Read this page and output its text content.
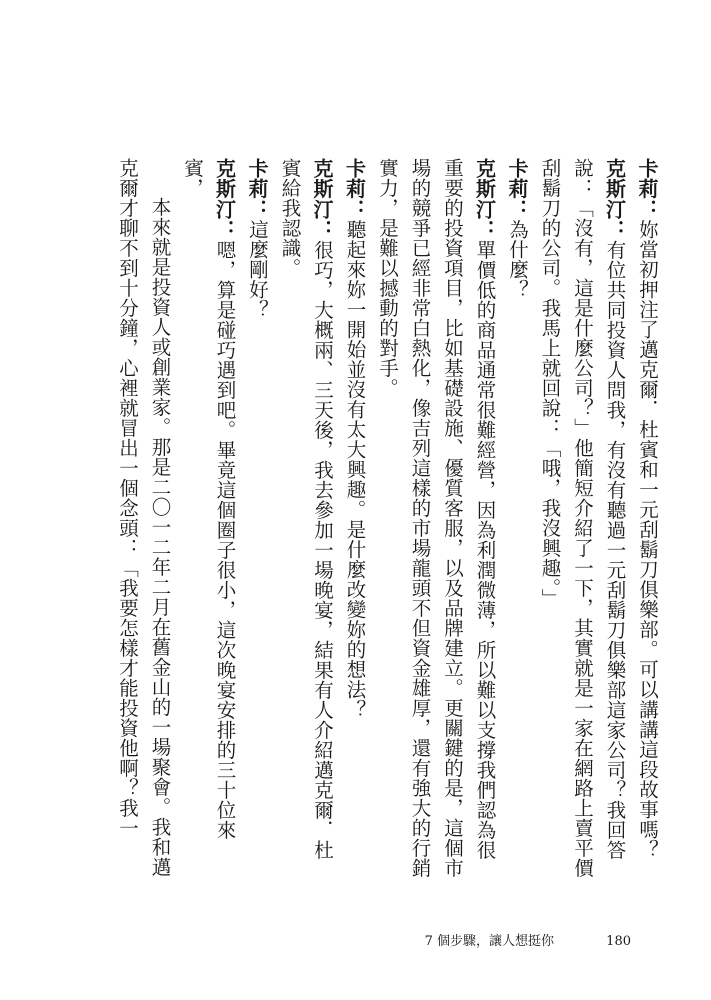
卡莉：妳當初押注了邁克爾．杜賓和一元刮鬍刀俱樂部。可以講講這段故事嗎？

克斯汀：有位共同投資人問我，有沒有聽過一元刮鬍刀俱樂部這家公司？我回答說：「沒有，這是什麼公司？」他簡短介紹了一下，其實就是一家在網路上賣平價刮鬍刀的公司。我馬上就回說：「哦，我沒興趣。」

卡莉：為什麼？

克斯汀：單價低的商品通常很難經營，因為利潤微薄，所以難以支撐我們認為很重要的投資項目，比如基礎設施、優質客服，以及品牌建立。更關鍵的是，這個市場的競爭已經非常白熱化，像吉列這樣的市場龍頭不但資金雄厚，還有強大的行銷實力，是難以撼動的對手。

卡莉：聽起來妳一開始並沒有太大興趣。是什麼改變妳的想法？

克斯汀：很巧，大概兩、三天後，我去參加一場晚宴，結果有人介紹邁克爾．杜賓給我認識。

卡莉：這麼剛好？

克斯汀：嗯，算是碰巧遇到吧。畢竟這個圈子很小，這次晚宴安排的三十位來賓，

本來就是投資人或創業家。那是二〇一二年二月在舊金山的一場聚會。我和邁克爾才聊不到十分鐘，心裡就冒出一個念頭：「我要怎樣才能投資他啊？我一

7 個步驟，讓人想挺你	180
